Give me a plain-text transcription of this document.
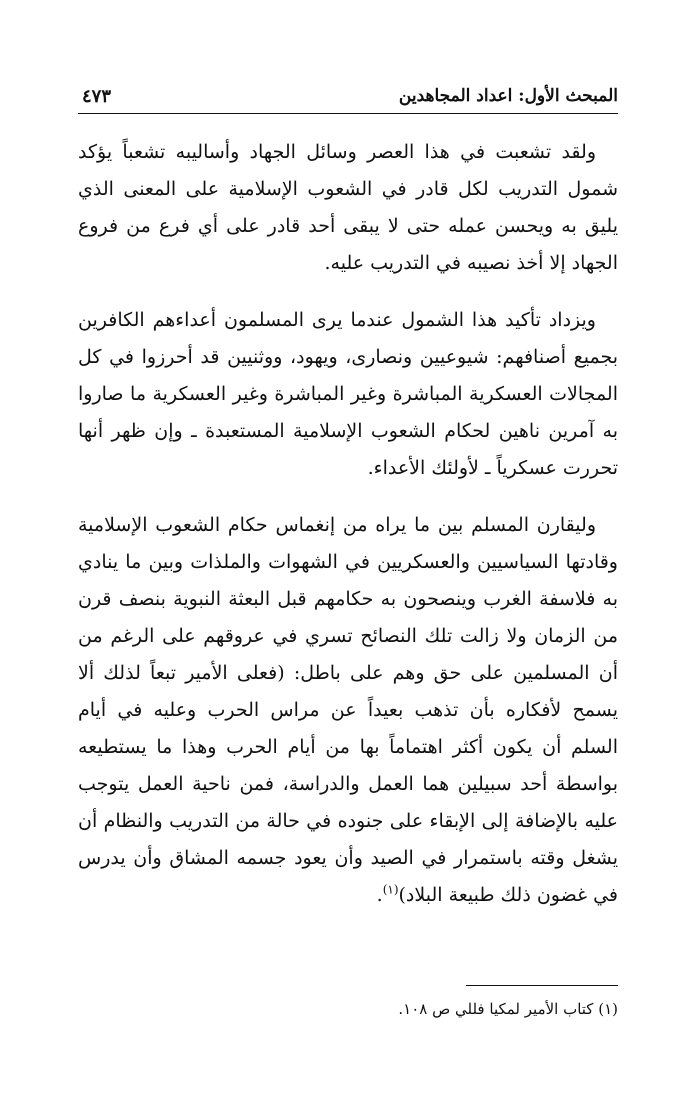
المبحث الأول: اعداد المجاهدين
٤٧٣

ولقد تشعبت في هذا العصر وسائل الجهاد وأساليبه تشعباً يؤكد شمول التدريب لكل قادر في الشعوب الإسلامية على المعنى الذي يليق به ويحسن عمله حتى لا يبقى أحد قادر على أي فرع من فروع الجهاد إلا أخذ نصيبه في التدريب عليه.

ويزداد تأكيد هذا الشمول عندما يرى المسلمون أعداءهم الكافرين بجميع أصنافهم: شيوعيين ونصارى، ويهود، ووثنيين قد أحرزوا في كل المجالات العسكرية المباشرة وغير المباشرة وغير العسكرية ما صاروا به آمرين ناهين لحكام الشعوب الإسلامية المستعبدة ـ وإن ظهر أنها تحررت عسكرياً ـ لأولئك الأعداء.

وليقارن المسلم بين ما يراه من إنغماس حكام الشعوب الإسلامية وقادتها السياسيين والعسكريين في الشهوات والملذات وبين ما ينادي به فلاسفة الغرب وينصحون به حكامهم قبل البعثة النبوية بنصف قرن من الزمان ولا زالت تلك النصائح تسري في عروقهم على الرغم من أن المسلمين على حق وهم على باطل: (فعلى الأمير تبعاً لذلك ألا يسمح لأفكاره بأن تذهب بعيداً عن مراس الحرب وعليه في أيام السلم أن يكون أكثر اهتماماً بها من أيام الحرب وهذا ما يستطيعه بواسطة أحد سبيلين هما العمل والدراسة، فمن ناحية العمل يتوجب عليه بالإضافة إلى الإبقاء على جنوده في حالة من التدريب والنظام أن يشغل وقته باستمرار في الصيد وأن يعود جسمه المشاق وأن يدرس في غضون ذلك طبيعة البلاد)$^{(١)}$.

(١) كتاب الأمير لمكيا فللي ص ١٠٨.
